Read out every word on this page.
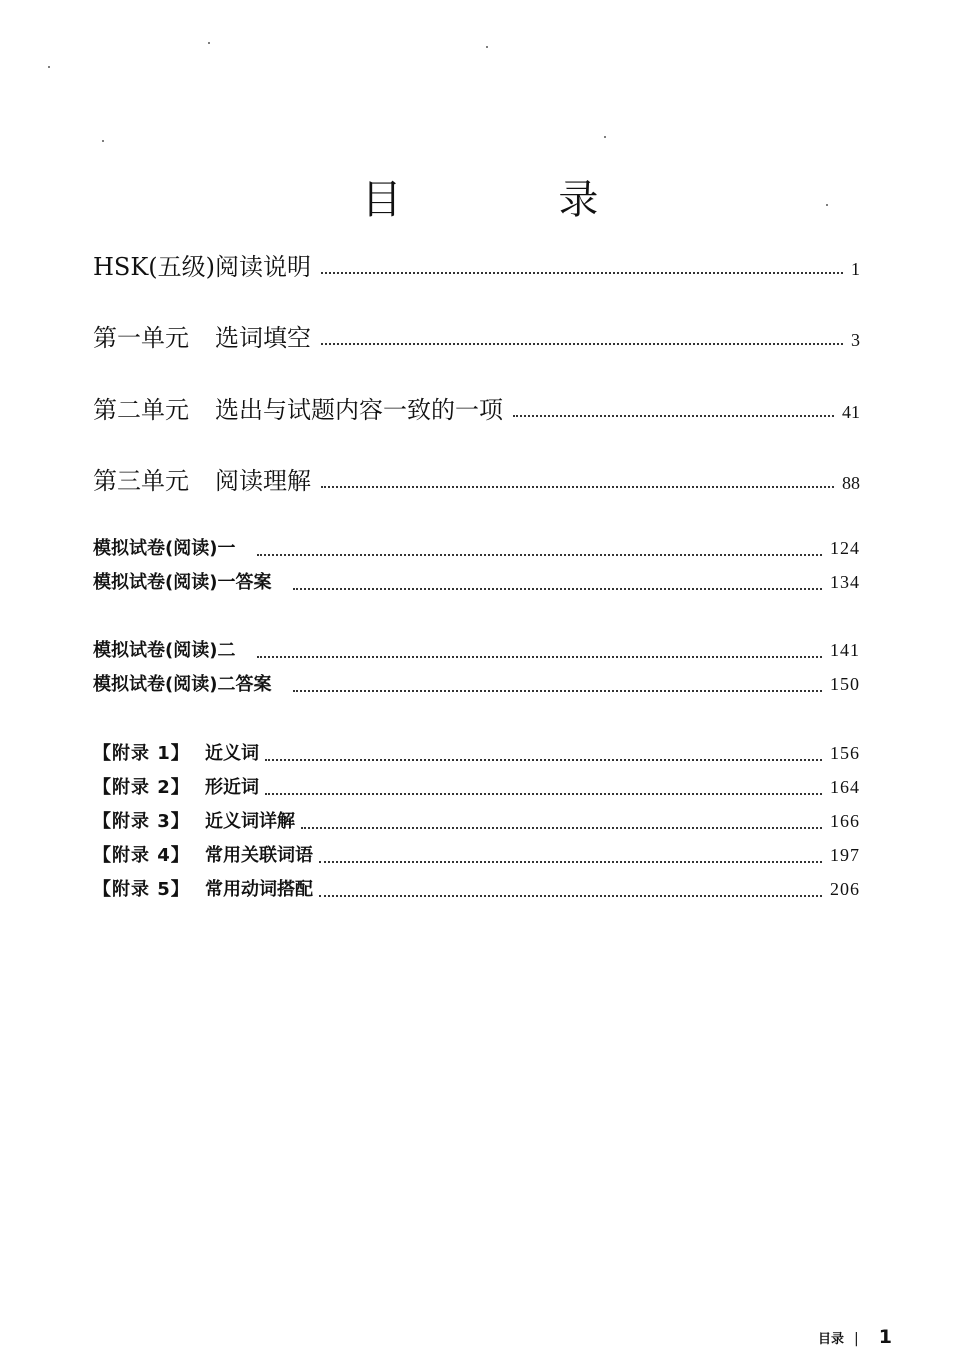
目 录
HSK(五级)阅读说明	1
第一单元 选词填空	3
第二单元 选出与试题内容一致的一项	41
第三单元 阅读理解	88
模拟试卷(阅读)一	124
模拟试卷(阅读)一答案	134
模拟试卷(阅读)二	141
模拟试卷(阅读)二答案	150
【附录 1】 近义词	156
【附录 2】 形近词	164
【附录 3】 近义词详解	166
【附录 4】 常用关联词语	197
【附录 5】 常用动词搭配	206
目录 | 1
